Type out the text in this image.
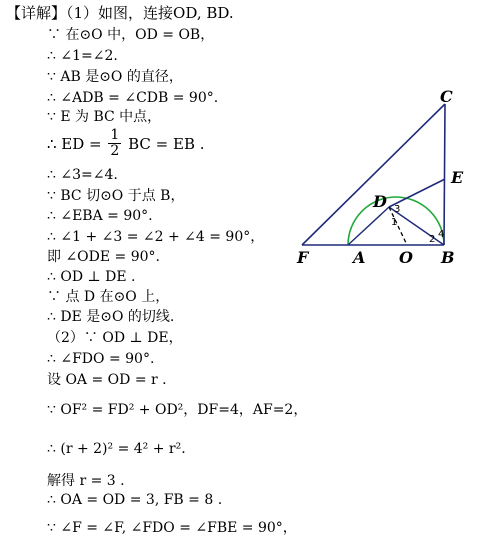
【详解】（1）如图，连接OD, BD.
∵ 在⊙O 中，OD = OB，
∴ ∠1=∠2.
∵ AB 是⊙O 的直径，
∴ ∠ADB = ∠CDB = 90°.
∵ E 为 BC 中点，
∴ ED = $\frac{1}{2}$ BC = EB .
∴ ∠3=∠4.
∵ BC 切⊙O 于点 B，
∴ ∠EBA = 90°.
∴ ∠1 + ∠3 = ∠2 + ∠4 = 90°，
即 ∠ODE = 90°.
∴ OD ⊥ DE .
∵ 点 D 在⊙O 上，
∴ DE 是⊙O 的切线.
（2）∵ OD ⊥ DE，
∴ ∠FDO = 90°.
设 OA = OD = r .
∵ OF² = FD² + OD²，DF=4，AF=2，
∴ (r + 2)² = 4² + r².
解得 r = 3 .
∴ OA = OD = 3, FB = 8 .
∵ ∠F = ∠F, ∠FDO = ∠FBE = 90°，
C
E
D
F	A O B
3
1
2 4
